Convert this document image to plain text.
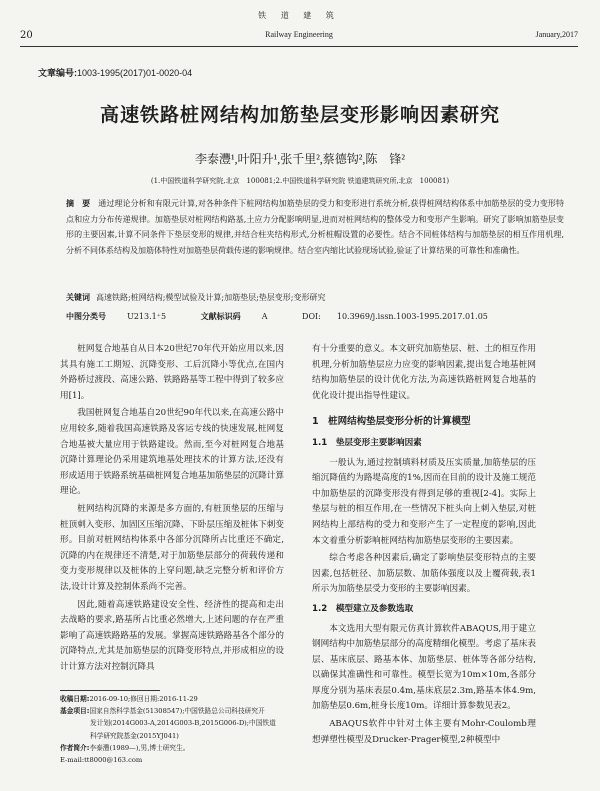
20
铁 道 建 筑
Railway Engineering	January,2017
文章编号:1003-1995(2017)01-0020-04
高速铁路桩网结构加筋垫层变形影响因素研究
李泰灃¹,叶阳升¹,张千里²,蔡德钩²,陈　锋²
(1.中国铁道科学研究院,北京　100081;2.中国铁道科学研究院 铁道建筑研究所,北京　100081)
摘　要 通过理论分析和有限元计算,对各种条件下桩网结构加筋垫层的受力和变形进行系统分析,获得桩网结构体系中加筋垫层的受力变形特点和应力分布传递规律。加筋垫层对桩网结构路基,土应力分配影响明显,进而对桩网结构的整体受力和变形产生影响。研究了影响加筋垫层变形的主要因素,计算不同条件下垫层变形的规律,并结合柱夹结构形式,分析桩帽设置的必要性。结合不同桩体结构与加筋垫层的相互作用机理,分析不同体系结构及加筋体特性对加筋垫层荷载传递的影响规律。结合室内缩比试验现场试验,验证了计算结果的可靠性和准确性。
关键词 高速铁路;桩网结构;模型试验及计算;加筋垫层;垫层变形;变形研究
中图分类号	U213.1⁺5	文献标识码	A	DOI: 10.3969/j.issn.1003-1995.2017.01.05

桩网复合地基自从日本20世纪70年代开始应用以来,因其具有施工工期短、沉降变形、工后沉降小等优点,在国内外路桥过渡段、高速公路、铁路路基等工程中得到了较多应用[1]。

我国桩网复合地基自20世纪90年代以来,在高速公路中应用较多,随着我国高速铁路及客运专线的快速发展,桩网复合地基被大量应用于铁路建设。然而,至今对桩网复合地基沉降计算理论仍采用建筑地基处理技术的计算方法,还没有形成适用于铁路系统基础桩网复合地基加筋垫层的沉降计算理论。

桩网结构沉降的来源是多方面的,有桩顶垫层的压缩与桩顶刺入变形、加固区压缩沉降、下卧层压缩及桩体下刺变形。目前对桩网结构体系中各部分沉降所占比重还不确定,沉降的内在规律还不清楚,对于加筋垫层部分的荷载传递和变力变形规律以及桩体的上穿问题,缺乏完整分析和评价方法,设计计算及控制体系尚不完善。

因此,随着高速铁路建设安全性、经济性的提高和走出去战略的要求,路基所占比重必然增大,上述问题的存在严重影响了高速铁路路基的发展。掌握高速铁路路基各个部分的沉降特点,尤其是加筋垫层的沉降变形特点,并形成相应的设计计算方法对控制沉降具

有十分重要的意义。本文研究加筋垫层、桩、土的相互作用机理,分析加筋垫层应力应变的影响因素,提出复合地基桩网结构加筋垫层的设计优化方法,为高速铁路桩网复合地基的优化设计提出指导性建议。

1　桩网结构垫层变形分析的计算模型
1.1　垫层变形主要影响因素

一般认为,通过控制填料材质及压实质量,加筋垫层的压缩沉降值约为路堤高度的1%,因而在目前的设计及施工规范中加筋垫层的沉降变形没有得到足够的重视[2-4]。实际上垫层与桩的相互作用,在一些情况下桩头向上刺入垫层,对桩网结构上部结构的受力和变形产生了一定程度的影响,因此本文着重分析影响桩网结构加筋垫层变形的主要因素。

综合考虑各种因素后,确定了影响垫层变形特点的主要因素,包括桩径、加筋层数、加筋体强度以及上覆荷载,表1所示为加筋垫层受力变形的主要影响因素。

1.2　模型建立及参数选取

本文选用大型有限元仿真计算软件ABAQUS,用于建立钢网结构中加筋垫层部分的高度精细化模型。考虑了基床表层、基床底层、路基本体、加筋垫层、桩体等各部分结构,以确保其准确性和可靠性。模型长宽为10m×10m,各部分厚度分别为基床表层0.4m,基床底层2.3m,路基本体4.9m,加筋垫层0.6m,桩身长度10m。详细计算参数见表2。

ABAQUS软件中针对土体主要有Mohr-Coulomb理想弹塑性模型及Drucker-Prager模型,2种模型中

收稿日期:2016-09-10;修回日期:2016-11-29
基金项目:国家自然科学基金(51308547);中国铁路总公司科技研究开
发计划(2014G003-A,2014G003-B,2015G006-D);中国铁道
科学研究院基金(2015YJ041)
作者简介:李泰灃(1989—),男,博士研究生。
E-mail:tt8000@163.com
